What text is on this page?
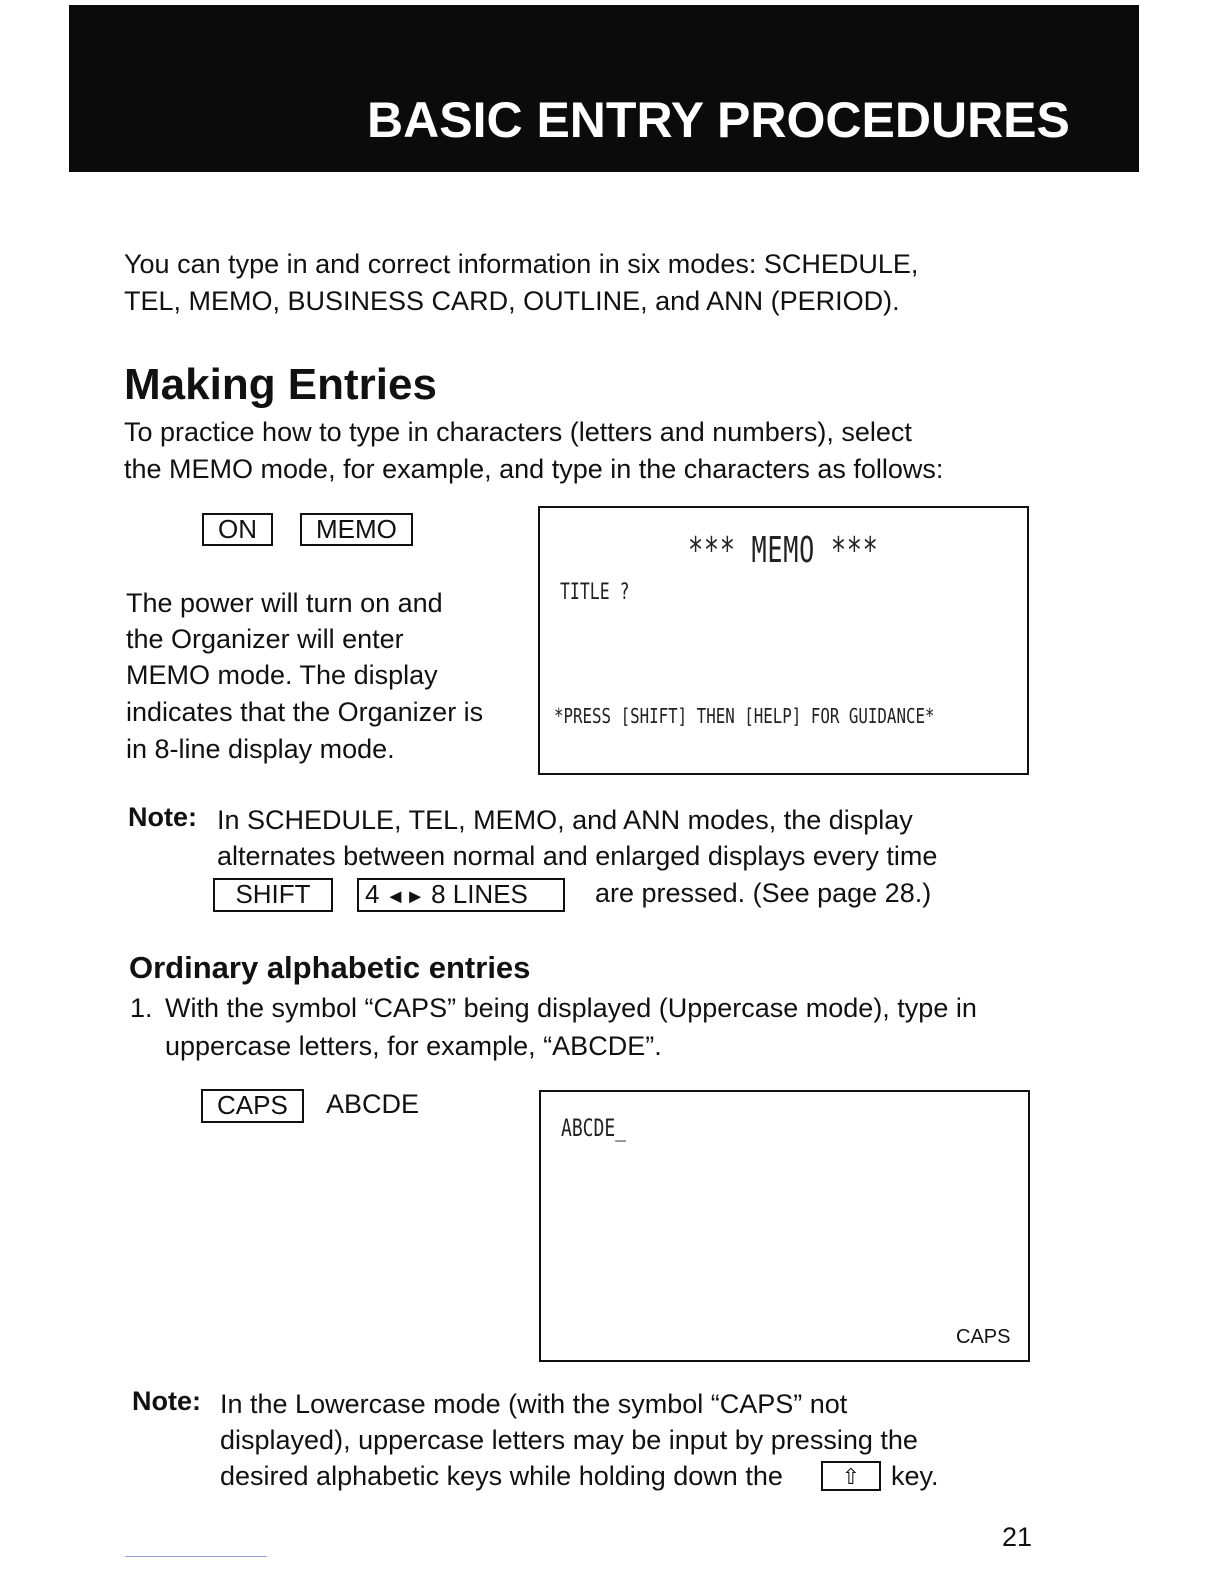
BASIC ENTRY PROCEDURES
You can type in and correct information in six modes: SCHEDULE,
TEL, MEMO, BUSINESS CARD, OUTLINE, and ANN (PERIOD).
Making Entries
To practice how to type in characters (letters and numbers), select
the MEMO mode, for example, and type in the characters as follows:
ON	MEMO
The power will turn on and
the Organizer will enter
MEMO mode. The display
indicates that the Organizer is
in 8-line display mode.
*** MEMO ***
TITLE ?
*PRESS [SHIFT] THEN [HELP] FOR GUIDANCE*
Note: In SCHEDULE, TEL, MEMO, and ANN modes, the display
alternates between normal and enlarged displays every time
SHIFT	4 ◄► 8 LINES	are pressed. (See page 28.)
Ordinary alphabetic entries
1. With the symbol “CAPS” being displayed (Uppercase mode), type in
uppercase letters, for example, “ABCDE”.
CAPS	ABCDE
ABCDE_
CAPS
Note: In the Lowercase mode (with the symbol “CAPS” not
displayed), uppercase letters may be input by pressing the
desired alphabetic keys while holding down the	⇧	key.
21
